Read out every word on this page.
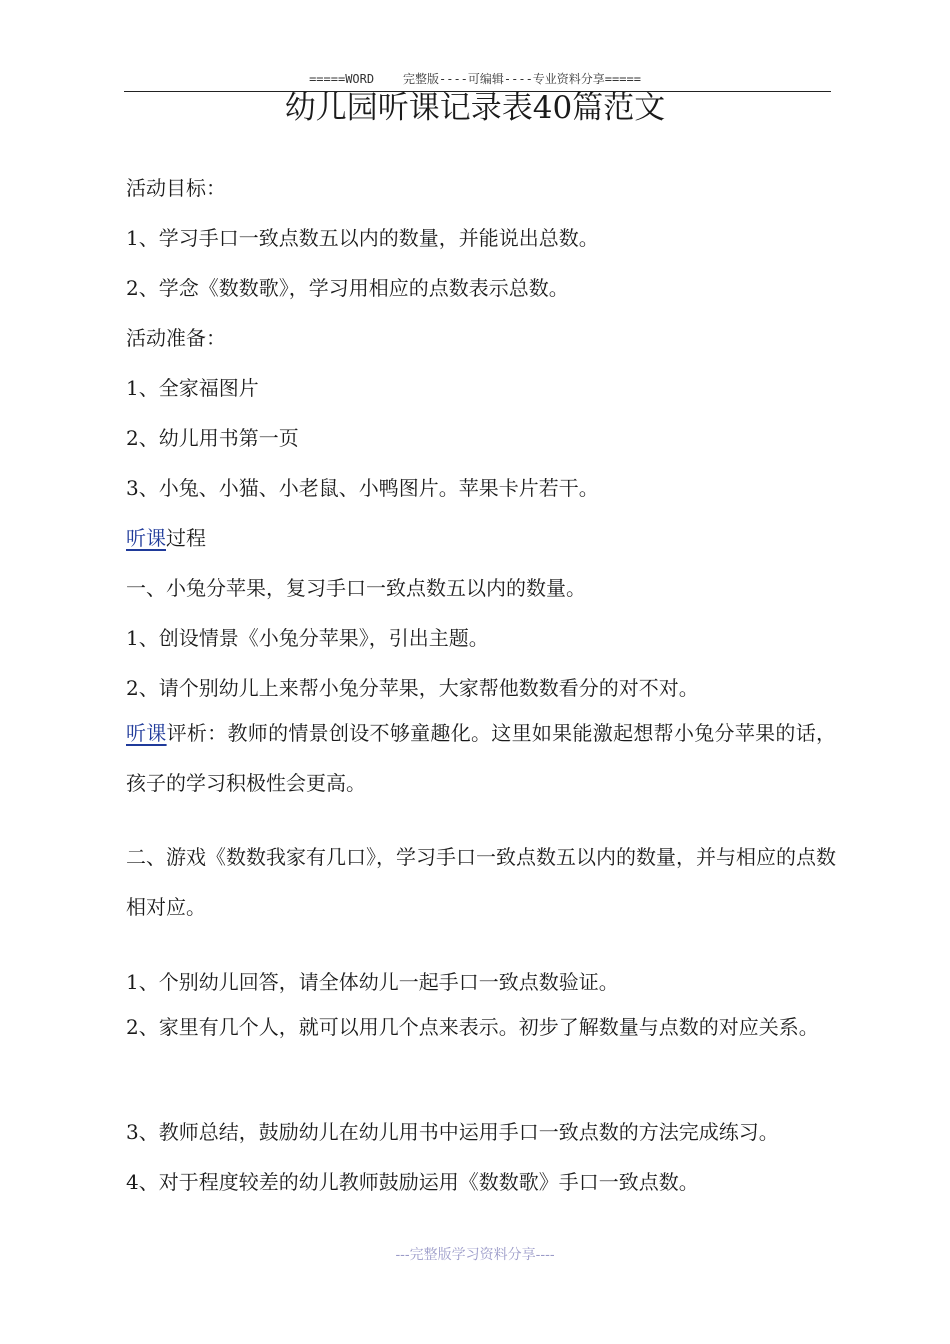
=====WORD    完整版----可编辑----专业资料分享=====
幼儿园听课记录表40篇范文
活动目标：
1、学习手口一致点数五以内的数量，并能说出总数。
2、学念《数数歌》，学习用相应的点数表示总数。
活动准备：
1、全家福图片
2、幼儿用书第一页
3、小兔、小猫、小老鼠、小鸭图片。苹果卡片若干。
听课过程
一、小兔分苹果，复习手口一致点数五以内的数量。
1、创设情景《小兔分苹果》，引出主题。
2、请个别幼儿上来帮小兔分苹果，大家帮他数数看分的对不对。
听课评析：教师的情景创设不够童趣化。这里如果能激起想帮小兔分苹果的话，孩子的学习积极性会更高。
二、游戏《数数我家有几口》，学习手口一致点数五以内的数量，并与相应的点数相对应。
1、个别幼儿回答，请全体幼儿一起手口一致点数验证。
2、家里有几个人，就可以用几个点来表示。初步了解数量与点数的对应关系。
3、教师总结，鼓励幼儿在幼儿用书中运用手口一致点数的方法完成练习。
4、对于程度较差的幼儿教师鼓励运用《数数歌》手口一致点数。
---完整版学习资料分享----
